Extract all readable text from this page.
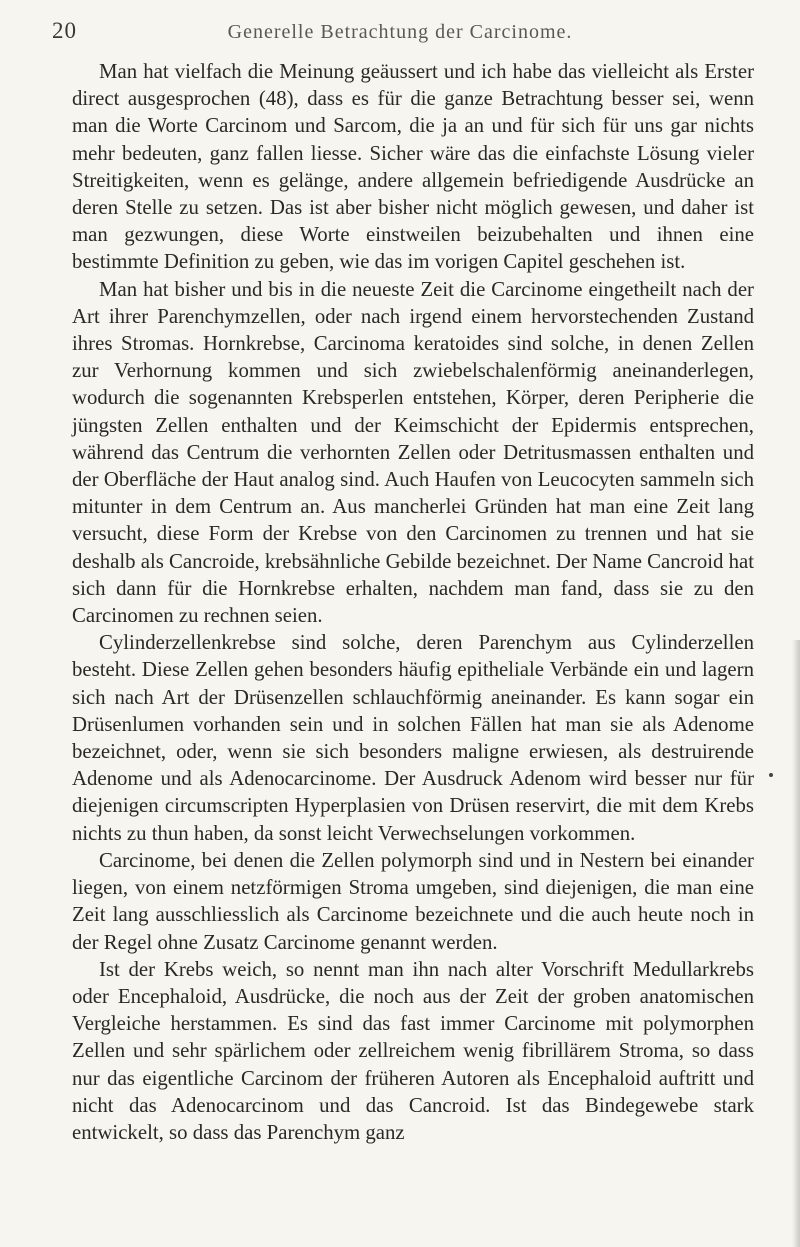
20	Generelle Betrachtung der Carcinome.

Man hat vielfach die Meinung geäussert und ich habe das vielleicht als Erster direct ausgesprochen (48), dass es für die ganze Betrachtung besser sei, wenn man die Worte Carcinom und Sarcom, die ja an und für sich für uns gar nichts mehr bedeuten, ganz fallen liesse. Sicher wäre das die einfachste Lösung vieler Streitigkeiten, wenn es gelänge, andere allgemein befriedigende Ausdrücke an deren Stelle zu setzen. Das ist aber bisher nicht möglich gewesen, und daher ist man gezwungen, diese Worte einstweilen beizubehalten und ihnen eine bestimmte Definition zu geben, wie das im vorigen Capitel geschehen ist.

Man hat bisher und bis in die neueste Zeit die Carcinome eingetheilt nach der Art ihrer Parenchymzellen, oder nach irgend einem hervorstechenden Zustand ihres Stromas. Hornkrebse, Carcinoma keratoides sind solche, in denen Zellen zur Verhornung kommen und sich zwiebelschalenförmig aneinanderlegen, wodurch die sogenannten Krebsperlen entstehen, Körper, deren Peripherie die jüngsten Zellen enthalten und der Keimschicht der Epidermis entsprechen, während das Centrum die verhornten Zellen oder Detritusmassen enthalten und der Oberfläche der Haut analog sind. Auch Haufen von Leucocyten sammeln sich mitunter in dem Centrum an. Aus mancherlei Gründen hat man eine Zeit lang versucht, diese Form der Krebse von den Carcinomen zu trennen und hat sie deshalb als Cancroide, krebsähnliche Gebilde bezeichnet. Der Name Cancroid hat sich dann für die Hornkrebse erhalten, nachdem man fand, dass sie zu den Carcinomen zu rechnen seien.

Cylinderzellenkrebse sind solche, deren Parenchym aus Cylinderzellen besteht. Diese Zellen gehen besonders häufig epitheliale Verbände ein und lagern sich nach Art der Drüsenzellen schlauchförmig aneinander. Es kann sogar ein Drüsenlumen vorhanden sein und in solchen Fällen hat man sie als Adenome bezeichnet, oder, wenn sie sich besonders maligne erwiesen, als destruirende Adenome und als Adenocarcinome. Der Ausdruck Adenom wird besser nur für diejenigen circumscripten Hyperplasien von Drüsen reservirt, die mit dem Krebs nichts zu thun haben, da sonst leicht Verwechselungen vorkommen.

Carcinome, bei denen die Zellen polymorph sind und in Nestern bei einander liegen, von einem netzförmigen Stroma umgeben, sind diejenigen, die man eine Zeit lang ausschliesslich als Carcinome bezeichnete und die auch heute noch in der Regel ohne Zusatz Carcinome genannt werden.

Ist der Krebs weich, so nennt man ihn nach alter Vorschrift Medullarkrebs oder Encephaloid, Ausdrücke, die noch aus der Zeit der groben anatomischen Vergleiche herstammen. Es sind das fast immer Carcinome mit polymorphen Zellen und sehr spärlichem oder zellreichem wenig fibrillärem Stroma, so dass nur das eigentliche Carcinom der früheren Autoren als Encephaloid auftritt und nicht das Adenocarcinom und das Cancroid. Ist das Bindegewebe stark entwickelt, so dass das Parenchym ganz
